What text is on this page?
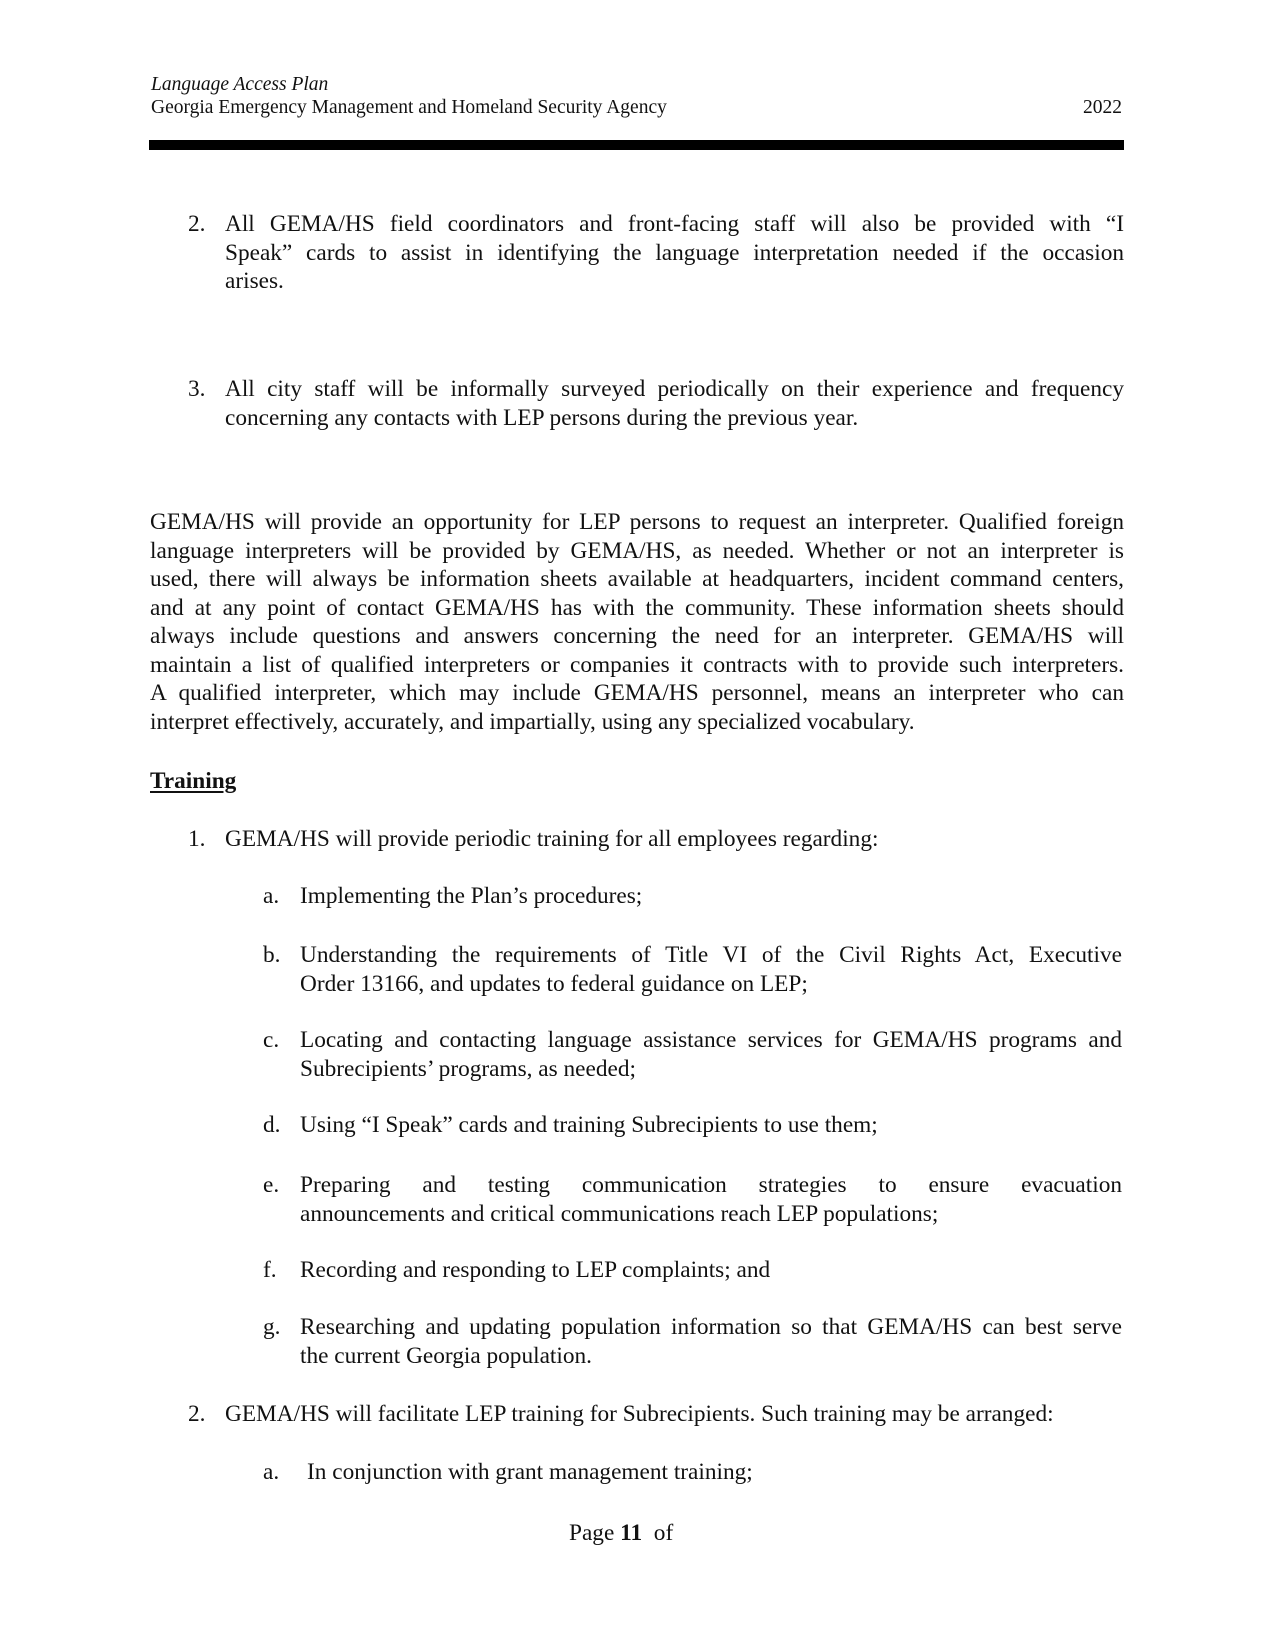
Language Access Plan
Georgia Emergency Management and Homeland Security Agency	2022
2. All GEMA/HS field coordinators and front-facing staff will also be provided with “I
Speak” cards to assist in identifying the language interpretation needed if the occasion
arises.
3. All city staff will be informally surveyed periodically on their experience and frequency
concerning any contacts with LEP persons during the previous year.
GEMA/HS will provide an opportunity for LEP persons to request an interpreter. Qualified foreign
language interpreters will be provided by GEMA/HS, as needed. Whether or not an interpreter is
used, there will always be information sheets available at headquarters, incident command centers,
and at any point of contact GEMA/HS has with the community. These information sheets should
always include questions and answers concerning the need for an interpreter. GEMA/HS will
maintain a list of qualified interpreters or companies it contracts with to provide such interpreters.
A qualified interpreter, which may include GEMA/HS personnel, means an interpreter who can
interpret effectively, accurately, and impartially, using any specialized vocabulary.
Training
1. GEMA/HS will provide periodic training for all employees regarding:
a. Implementing the Plan’s procedures;
b. Understanding the requirements of Title VI of the Civil Rights Act, Executive
Order 13166, and updates to federal guidance on LEP;
c. Locating and contacting language assistance services for GEMA/HS programs and
Subrecipients’ programs, as needed;
d. Using “I Speak” cards and training Subrecipients to use them;
e. Preparing and testing communication strategies to ensure evacuation
announcements and critical communications reach LEP populations;
f. Recording and responding to LEP complaints; and
g. Researching and updating population information so that GEMA/HS can best serve
the current Georgia population.
2. GEMA/HS will facilitate LEP training for Subrecipients. Such training may be arranged:
a. In conjunction with grant management training;
Page 11 of
